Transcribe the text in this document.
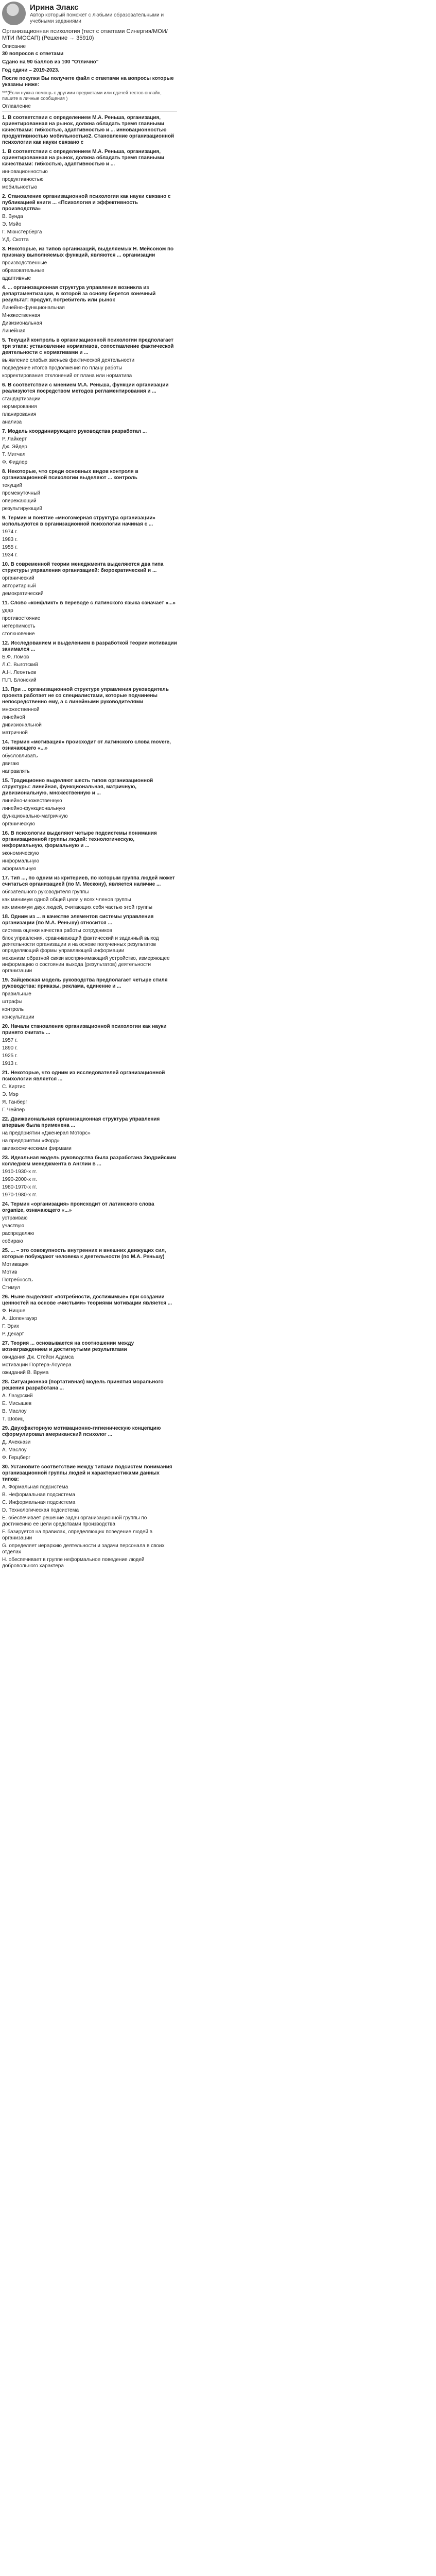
Ирина Элакс
Автор который поможет с любыми образовательными и учебными заданиями
Организационная психология (тест с ответами Синергия/МОИ/МТИ /МОСАП) (Решение → 35910)
Описание
30 вопросов с ответами
Сдано на 90 баллов из 100 "Отлично"
Год сдачи – 2019-2023.
После покупки Вы получите файл с ответами на вопросы которые указаны ниже:
***(Если нужна помощь с другими предметами или сдачей тестов онлайн, пишите в личные сообщения )
Оглавление
1. В соответствии с определением М.А. Реньша, организация, ориентированная на рынок, должна обладать тремя главными качествами: гибкостью, адаптивностью и ... инновационностью продуктивностью мобильностью2. Становление организационной психологии как науки связано с
1. В соответствии с определением М.А. Реньша, организация, ориентированная на рынок, должна обладать тремя главными качествами: гибкостью, адаптивностью и ...
инновационностью
продуктивностью
мобильностью
2. Становление организационной психологии как науки связано с публикацией книги ... «Психология и эффективность производства»
В. Вунда
Э. Мэйо
Г. Мюнстерберга
У.Д. Скотта
3. Некоторые, из типов организаций, выделяемых Н. Мейсоном по признаку выполняемых функций, являются ... организации
производственные
образовательные
адаптивные
4. ... организационная структура управления возникла из департаментизации, в которой за основу берется конечный результат: продукт, потребитель или рынок
Линейно-функциональная
Множественная
Дивизиональная
Линейная
5. Текущий контроль в организационной психологии предполагает три этапа: установление нормативов, сопоставление фактической деятельности с нормативами и ...
выявление слабых звеньев фактической деятельности
подведение итогов продолжения по плану работы
корректирование отклонений от плана или норматива
6. В соответствии с мнением М.А. Реньша, функции организации реализуются посредством методов регламентирования и ...
стандартизации
нормирования
планирования
анализа
7. Модель координирующего руководства разработал ...
Р. Лайкерт
Дж. Эйдер
Т. Митчел
Ф. Фидлер
8. Некоторые, что среди основных видов контроля в организационной психологии выделяют ... контроль
текущий
промежуточный
опережающий
результирующий
9. Термин и понятие «многомерная структура организации» используются в организационной психологии начиная с ...
1974 г.
1983 г.
1955 г.
1934 г.
10. В современной теории менеджмента выделяются два типа структуры управления организацией: бюрократический и ...
органический
авторитарный
демократический
11. Слово «конфликт» в переводе с латинского языка означает «...»
удар
противостояние
нетерпимость
столкновение
12. Исследованием и выделением в разработкой теории мотивации занимался ...
Б.Ф. Ломов
Л.С. Выготский
А.Н. Леонтьев
П.П. Блонский
13. При ... организационной структуре управления руководитель проекта работает не со специалистами, которые подчинены непосредственно ему, а с линейными руководителями
множественной
линейной
дивизиональной
матричной
14. Термин «мотивация» происходит от латинского слова movere, означающего «...»
обусловливать
двигаю
направлять
15. Традиционно выделяют шесть типов организационной структуры: линейная, функциональная, матричную, дивизиональную, множественную и ...
линейно-множественную
линейно-функциональную
функционально-матричную
органическую
16. В психологии выделяют четыре подсистемы понимания организационной группы людей: технологическую, неформальную, формальную и ...
экономическую
информальную
аформальную
17. Тип ..., по одним из критериев, по которым группа людей может считаться организацией (по М. Мескону), является наличие ...
обязательного руководителя группы
как минимум одной общей цели у всех членов группы
как минимум двух людей, считающих себя частью этой группы
18. Одним из ... в качестве элементов системы управления организации (по М.А. Реньшу) относится ...
система оценки качества работы сотрудников
блок управления, сравнивающий фактический и заданный выход деятельности организации и на основе полученных результатов определяющий формы управляющей информации
механизм обратной связи воспринимающий устройство, измеряющее информацию о состоянии выхода (результатов) деятельности организации
19. Зайцевская модель руководства предполагает четыре стиля руководства: приказы, реклама, единение и ...
правильные
штрафы
контроль
консультации
20. Начали становление организационной психологии как науки принято считать ...
1957 г.
1890 г.
1925 г.
1913 г.
21. Некоторые, что одним из исследователей организационной психологии является ...
С. Киртис
Э. Мэр
Я. Ганберг
Г. Чейпер
22. Движвиональная организационная структура управления впервые была применена ...
на предприятии «Дженерал Моторс»
на предприятии «Форд»
авиакосмическими фирмами
23. Идеальная модель руководства была разработана Зюдрийским колледжем менеджмента в Англии в ...
1910-1930-х гг.
1990-2000-х гг.
1980-1970-х гг.
1970-1980-х гг.
24. Термин «организация» происходит от латинского слова organize, означающего «...»
устраиваю
участвую
распределяю
собираю
25. ... – это совокупность внутренних и внешних движущих сил, которые побуждают человека к деятельности (по М.А. Реньшу)
Мотивация
Мотив
Потребность
Стимул
26. Ныне выделяют «потребности, достижимые» при создании ценностей на основе «чистыми» теориями мотивации является ...
Ф. Ницше
А. Шопенгауэр
Г. Эрих
Р. Декарт
27. Теория ... основывается на соотношении между вознаграждением и достигнутыми результатами
ожидания Дж. Стейси Адамса
мотивации Портера-Лоулера
ожиданий В. Врума
28. Ситуационная (портативная) модель принятия морального решения разработана ...
А. Лазурский
Е. Мисышев
В. Маслоу
Т. Шовиц
29. Двухфакторную мотивационно-гигиеническую концепцию сформулировал американский психолог ...
Д. Ачекнази
А. Маслоу
Ф. Герцберг
30. Установите соответствие между типами подсистем понимания организационной группы людей и характеристиками данных типов:
A. Формальная подсистема
B. Неформальная подсистема
C. Информальная подсистема
D. Технологическая подсистема
E. обеспечивает решение задач организационной группы по достижению ее цели средствами производства
F. базируется на правилах, определяющих поведение людей в организации
G. определяет иерархию деятельности и задачи персонала в своих отделах
H. обеспечивает в группе неформальное поведение людей добровольного характера
